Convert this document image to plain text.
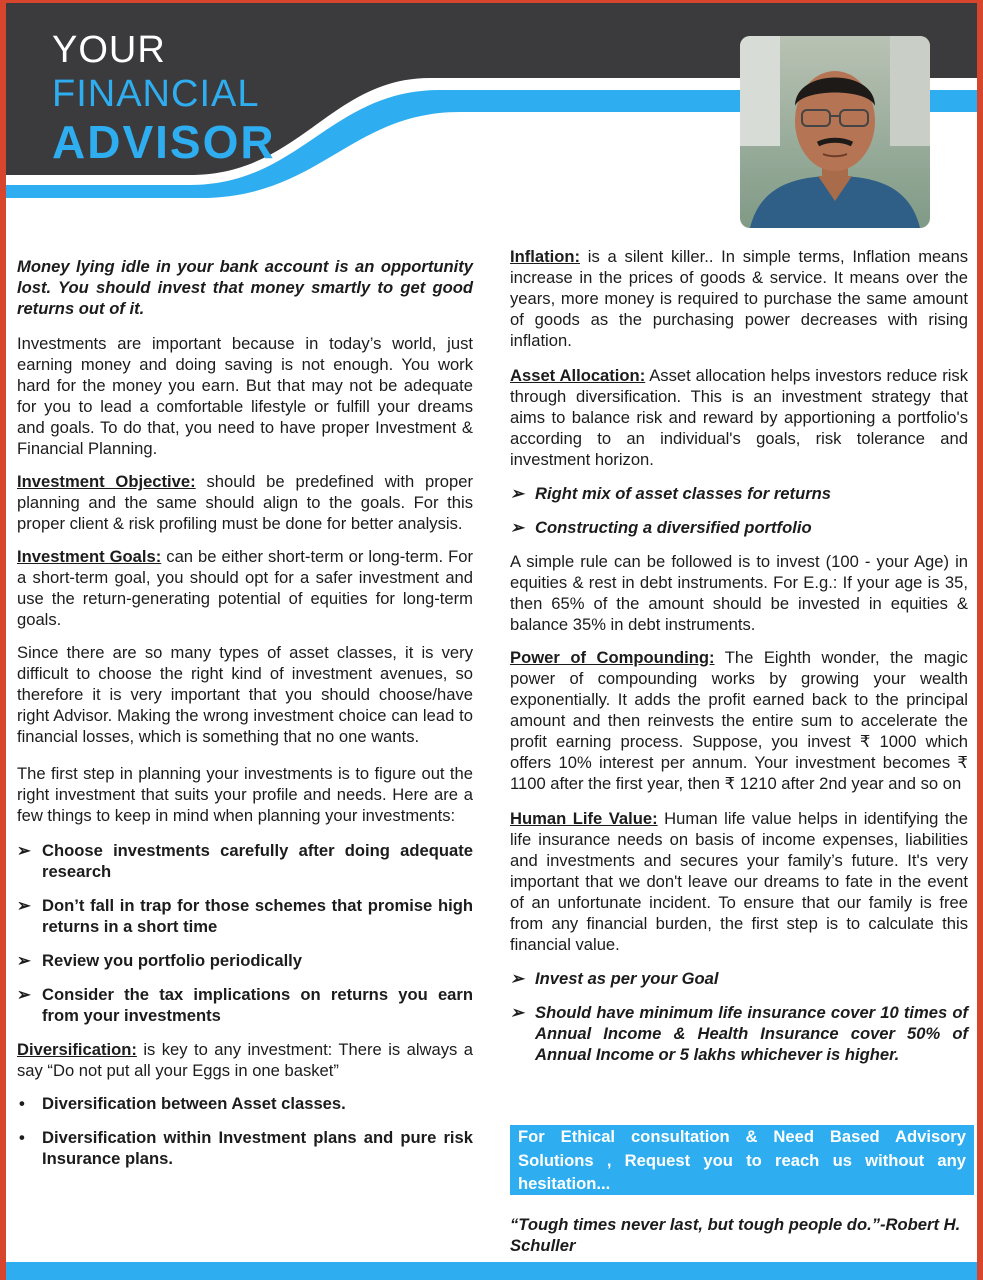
YOUR
FINANCIAL
ADVISOR

Money lying idle in your bank account is an opportunity lost. You should invest that money smartly to get good returns out of it.

Investments are important because in today’s world, just earning money and doing saving is not enough. You work hard for the money you earn. But that may not be adequate for you to lead a comfortable lifestyle or fulfill your dreams and goals. To do that, you need to have proper Investment & Financial Planning.

Investment Objective: should be predefined with proper planning and the same should align to the goals. For this proper client & risk profiling must be done for better analysis.

Investment Goals: can be either short-term or long-term. For a short-term goal, you should opt for a safer investment and use the return-generating potential of equities for long-term goals.

Since there are so many types of asset classes, it is very difficult to choose the right kind of investment avenues, so therefore it is very important that you should choose/have right Advisor. Making the wrong investment choice can lead to financial losses, which is something that no one wants.

The first step in planning your investments is to figure out the right investment that suits your profile and needs. Here are a few things to keep in mind when planning your investments:

➢ Choose investments carefully after doing adequate research
➢ Don’t fall in trap for those schemes that promise high returns in a short time
➢ Review you portfolio periodically
➢ Consider the tax implications on returns you earn from your investments

Diversification: is key to any investment: There is always a say “Do not put all your Eggs in one basket”

• Diversification between Asset classes.
• Diversification within Investment plans and pure risk Insurance plans.

Inflation: is a silent killer.. In simple terms, Inflation means increase in the prices of goods & service. It means over the years, more money is required to purchase the same amount of goods as the purchasing power decreases with rising inflation.

Asset Allocation: Asset allocation helps investors reduce risk through diversification. This is an investment strategy that aims to balance risk and reward by apportioning a portfolio's according to an individual's goals, risk tolerance and investment horizon.

➢ Right mix of asset classes for returns
➢ Constructing a diversified portfolio

A simple rule can be followed is to invest (100 - your Age) in equities & rest in debt instruments. For E.g.: If your age is 35, then 65% of the amount should be invested in equities & balance 35% in debt instruments.

Power of Compounding: The Eighth wonder, the magic power of compounding works by growing your wealth exponentially. It adds the profit earned back to the principal amount and then reinvests the entire sum to accelerate the profit earning process. Suppose, you invest ₹ 1000 which offers 10% interest per annum. Your investment becomes ₹ 1100 after the first year, then ₹ 1210 after 2nd year and so on

Human Life Value: Human life value helps in identifying the life insurance needs on basis of income expenses, liabilities and investments and secures your family’s future. It's very important that we don't leave our dreams to fate in the event of an unfortunate incident. To ensure that our family is free from any financial burden, the first step is to calculate this financial value.

➢ Invest as per your Goal
➢ Should have minimum life insurance cover 10 times of Annual Income & Health Insurance cover 50% of Annual Income or 5 lakhs whichever is higher.
For Ethical consultation & Need Based Advisory Solutions , Request you to reach us without any hesitation...
“Tough times never last, but tough people do.”-Robert H. Schuller
